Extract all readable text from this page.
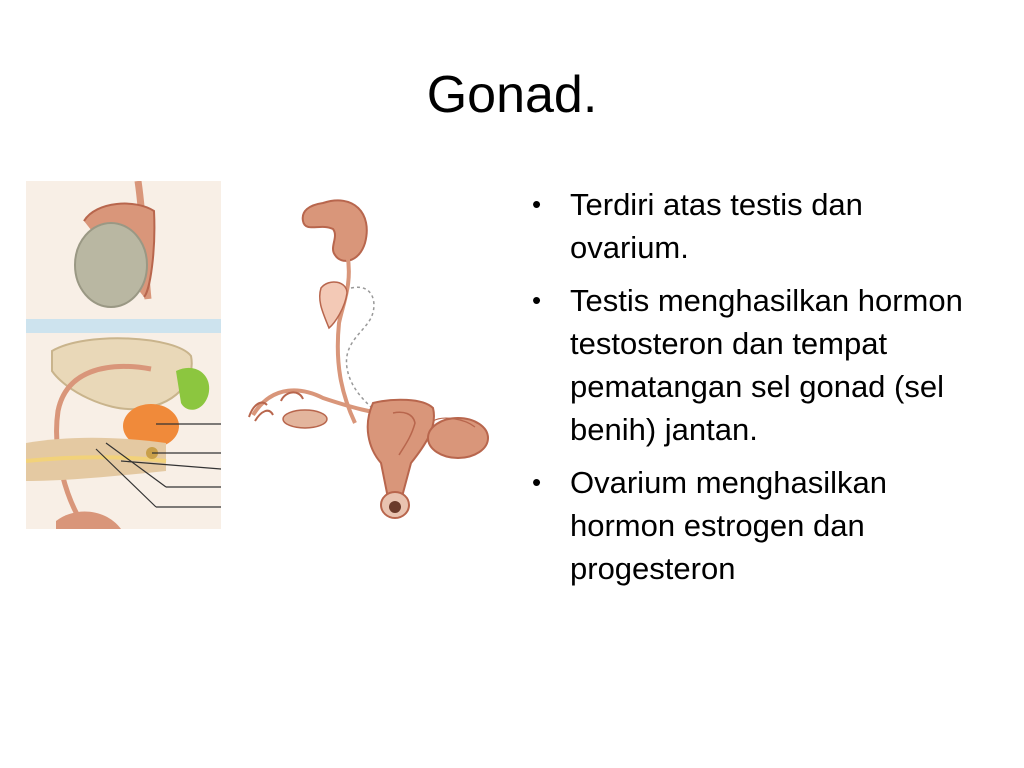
Gonad.
• Terdiri atas testis dan ovarium.
• Testis menghasilkan hormon testosteron dan tempat pematangan sel gonad (sel benih) jantan.
• Ovarium menghasilkan hormon estrogen dan progesteron
